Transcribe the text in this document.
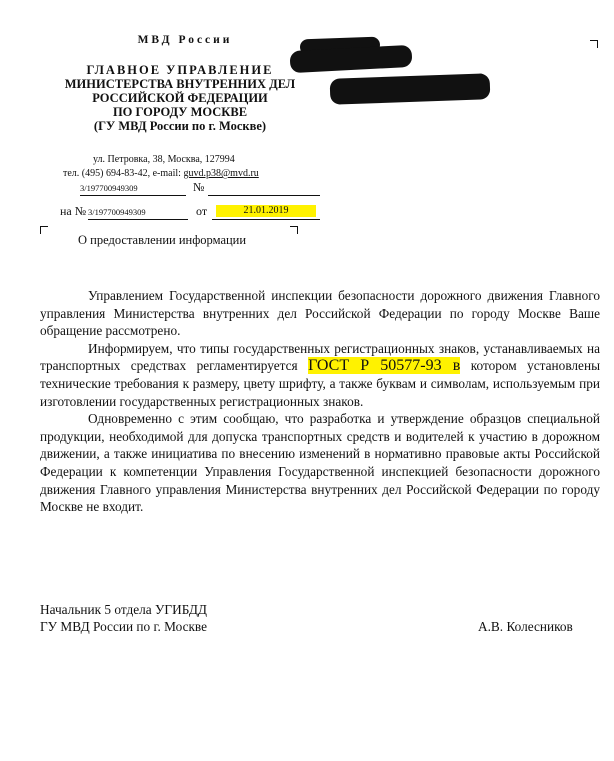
МВД России
ГЛАВНОЕ УПРАВЛЕНИЕ
МИНИСТЕРСТВА ВНУТРЕННИХ ДЕЛ
РОССИЙСКОЙ ФЕДЕРАЦИИ
ПО ГОРОДУ МОСКВЕ
(ГУ МВД России по г. Москве)
ул. Петровка, 38, Москва, 127994
тел. (495) 694-83-42, e-mail: guvd.p38@mvd.ru
3/197700949309	№
на № 3/197700949309	от	21.01.2019
О предоставлении информации

Управлением Государственной инспекции безопасности дорожного движения Главного управления Министерства внутренних дел Российской Федерации по городу Москве Ваше обращение рассмотрено.

Информируем, что типы государственных регистрационных знаков, устанавливаемых на транспортных средствах регламентируется ГОСТ Р 50577-93 в котором установлены технические требования к размеру, цвету шрифту, а также буквам и символам, используемым при изготовлении государственных регистрационных знаков.

Одновременно с этим сообщаю, что разработка и утверждение образцов специальной продукции, необходимой для допуска транспортных средств и водителей к участию в дорожном движении, а также инициатива по внесению изменений в нормативно правовые акты Российской Федерации к компетенции Управления Государственной инспекцией безопасности дорожного движения Главного управления Министерства внутренних дел Российской Федерации по городу Москве не входит.

Начальник 5 отдела УГИБДД
ГУ МВД России по г. Москве	А.В. Колесников
